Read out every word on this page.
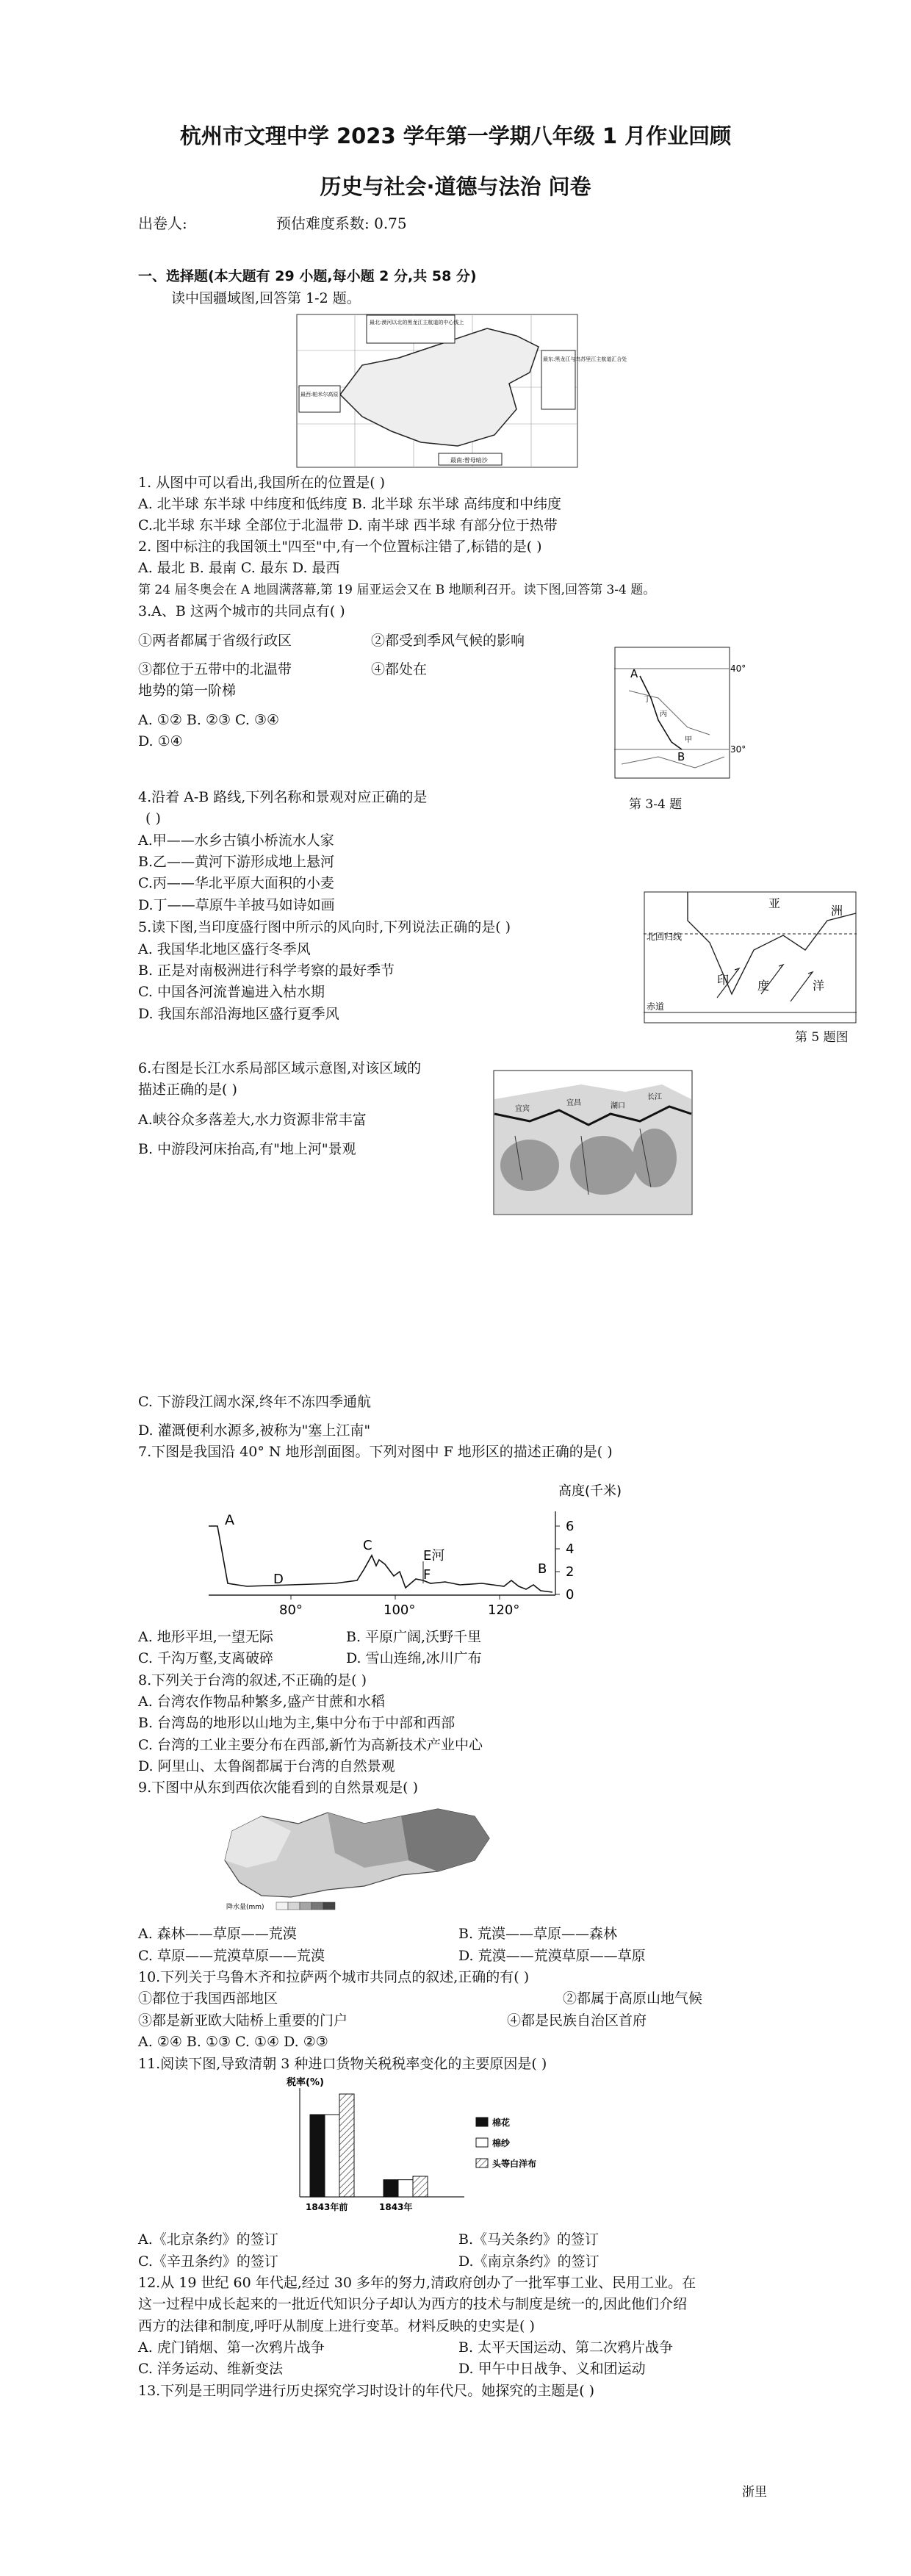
杭州市文理中学 2023 学年第一学期八年级 1 月作业回顾
历史与社会·道德与法治 问卷
出卷人:	预估难度系数: 0.75
一、选择题(本大题有 29 小题,每小题 2 分,共 58 分)
读中国疆域图,回答第 1-2 题。
最北:漠河以北的黑龙江主航道的中心线上
最西:帕米尔高原
最东:黑龙江与乌苏里江主航道汇合处
最南:曾母暗沙
1. 从图中可以看出,我国所在的位置是( )
A. 北半球 东半球 中纬度和低纬度 B. 北半球 东半球 高纬度和中纬度
C.北半球 东半球 全部位于北温带 D. 南半球 西半球 有部分位于热带
2. 图中标注的我国领土"四至"中,有一个位置标注错了,标错的是( )
A. 最北 B. 最南 C. 最东 D. 最西
第 24 届冬奥会在 A 地圆满落幕,第 19 届亚运会又在 B 地顺利召开。读下图,回答第 3-4 题。
3.A、B 这两个城市的共同点有( )
①两者都属于省级行政区	②都受到季风气候的影响
③都位于五带中的北温带	④都处在
地势的第一阶梯
A. ①② B. ②③ C. ③④
D. ①④
A
B
40°
30°
丙
丁
甲
第 3-4 题
4.沿着 A-B 路线,下列名称和景观对应正确的是
( )
A.甲——水乡古镇小桥流水人家
B.乙——黄河下游形成地上悬河
C.丙——华北平原大面积的小麦
D.丁——草原牛羊披马如诗如画
5.读下图,当印度盛行图中所示的风向时,下列说法正确的是( )
A. 我国华北地区盛行冬季风
B. 正是对南极洲进行科学考察的最好季节
C. 中国各河流普遍进入枯水期
D. 我国东部沿海地区盛行夏季风
亚
洲
北回归线
印 度	洋
赤道
第 5 题图
6.右图是长江水系局部区域示意图,对该区域的
描述正确的是( )
A.峡谷众多落差大,水力资源非常丰富
B. 中游段河床抬高,有"地上河"景观
宜宾
宜昌	湖口
长江
C. 下游段江阔水深,终年不冻四季通航
D. 灌溉便利水源多,被称为"塞上江南"
7.下图是我国沿 40° N 地形剖面图。下列对图中 F 地形区的描述正确的是( )
高度(千米)
A
D
C
E河
F	B
80°	100°	120°
6
4
2
0
A. 地形平坦,一望无际	B. 平原广阔,沃野千里
C. 千沟万壑,支离破碎	D. 雪山连绵,冰川广布
8.下列关于台湾的叙述,不正确的是( )
A. 台湾农作物品种繁多,盛产甘蔗和水稻
B. 台湾岛的地形以山地为主,集中分布于中部和西部
C. 台湾的工业主要分布在西部,新竹为高新技术产业中心
D. 阿里山、太鲁阁都属于台湾的自然景观
9.下图中从东到西依次能看到的自然景观是( )
降水量(mm)
A. 森林——草原——荒漠	B. 荒漠——草原——森林
C. 草原——荒漠草原——荒漠	D. 荒漠——荒漠草原——草原
10.下列关于乌鲁木齐和拉萨两个城市共同点的叙述,正确的有( )
①都位于我国西部地区	②都属于高原山地气候
③都是新亚欧大陆桥上重要的门户	④都是民族自治区首府
A. ②④ B. ①③ C. ①④ D. ②③
11.阅读下图,导致清朝 3 种进口货物关税税率变化的主要原因是( )
税率(%)
1843年前	1843年
棉花
棉纱
头等白洋布
A.《北京条约》的签订	B.《马关条约》的签订
C.《辛丑条约》的签订	D.《南京条约》的签订
12.从 19 世纪 60 年代起,经过 30 多年的努力,清政府创办了一批军事工业、民用工业。在
这一过程中成长起来的一批近代知识分子却认为西方的技术与制度是统一的,因此他们介绍
西方的法律和制度,呼吁从制度上进行变革。材料反映的史实是( )
A. 虎门销烟、第一次鸦片战争	B. 太平天国运动、第二次鸦片战争
C. 洋务运动、维新变法	D. 甲午中日战争、义和团运动
13.下列是王明同学进行历史探究学习时设计的年代尺。她探究的主题是( )
浙里
